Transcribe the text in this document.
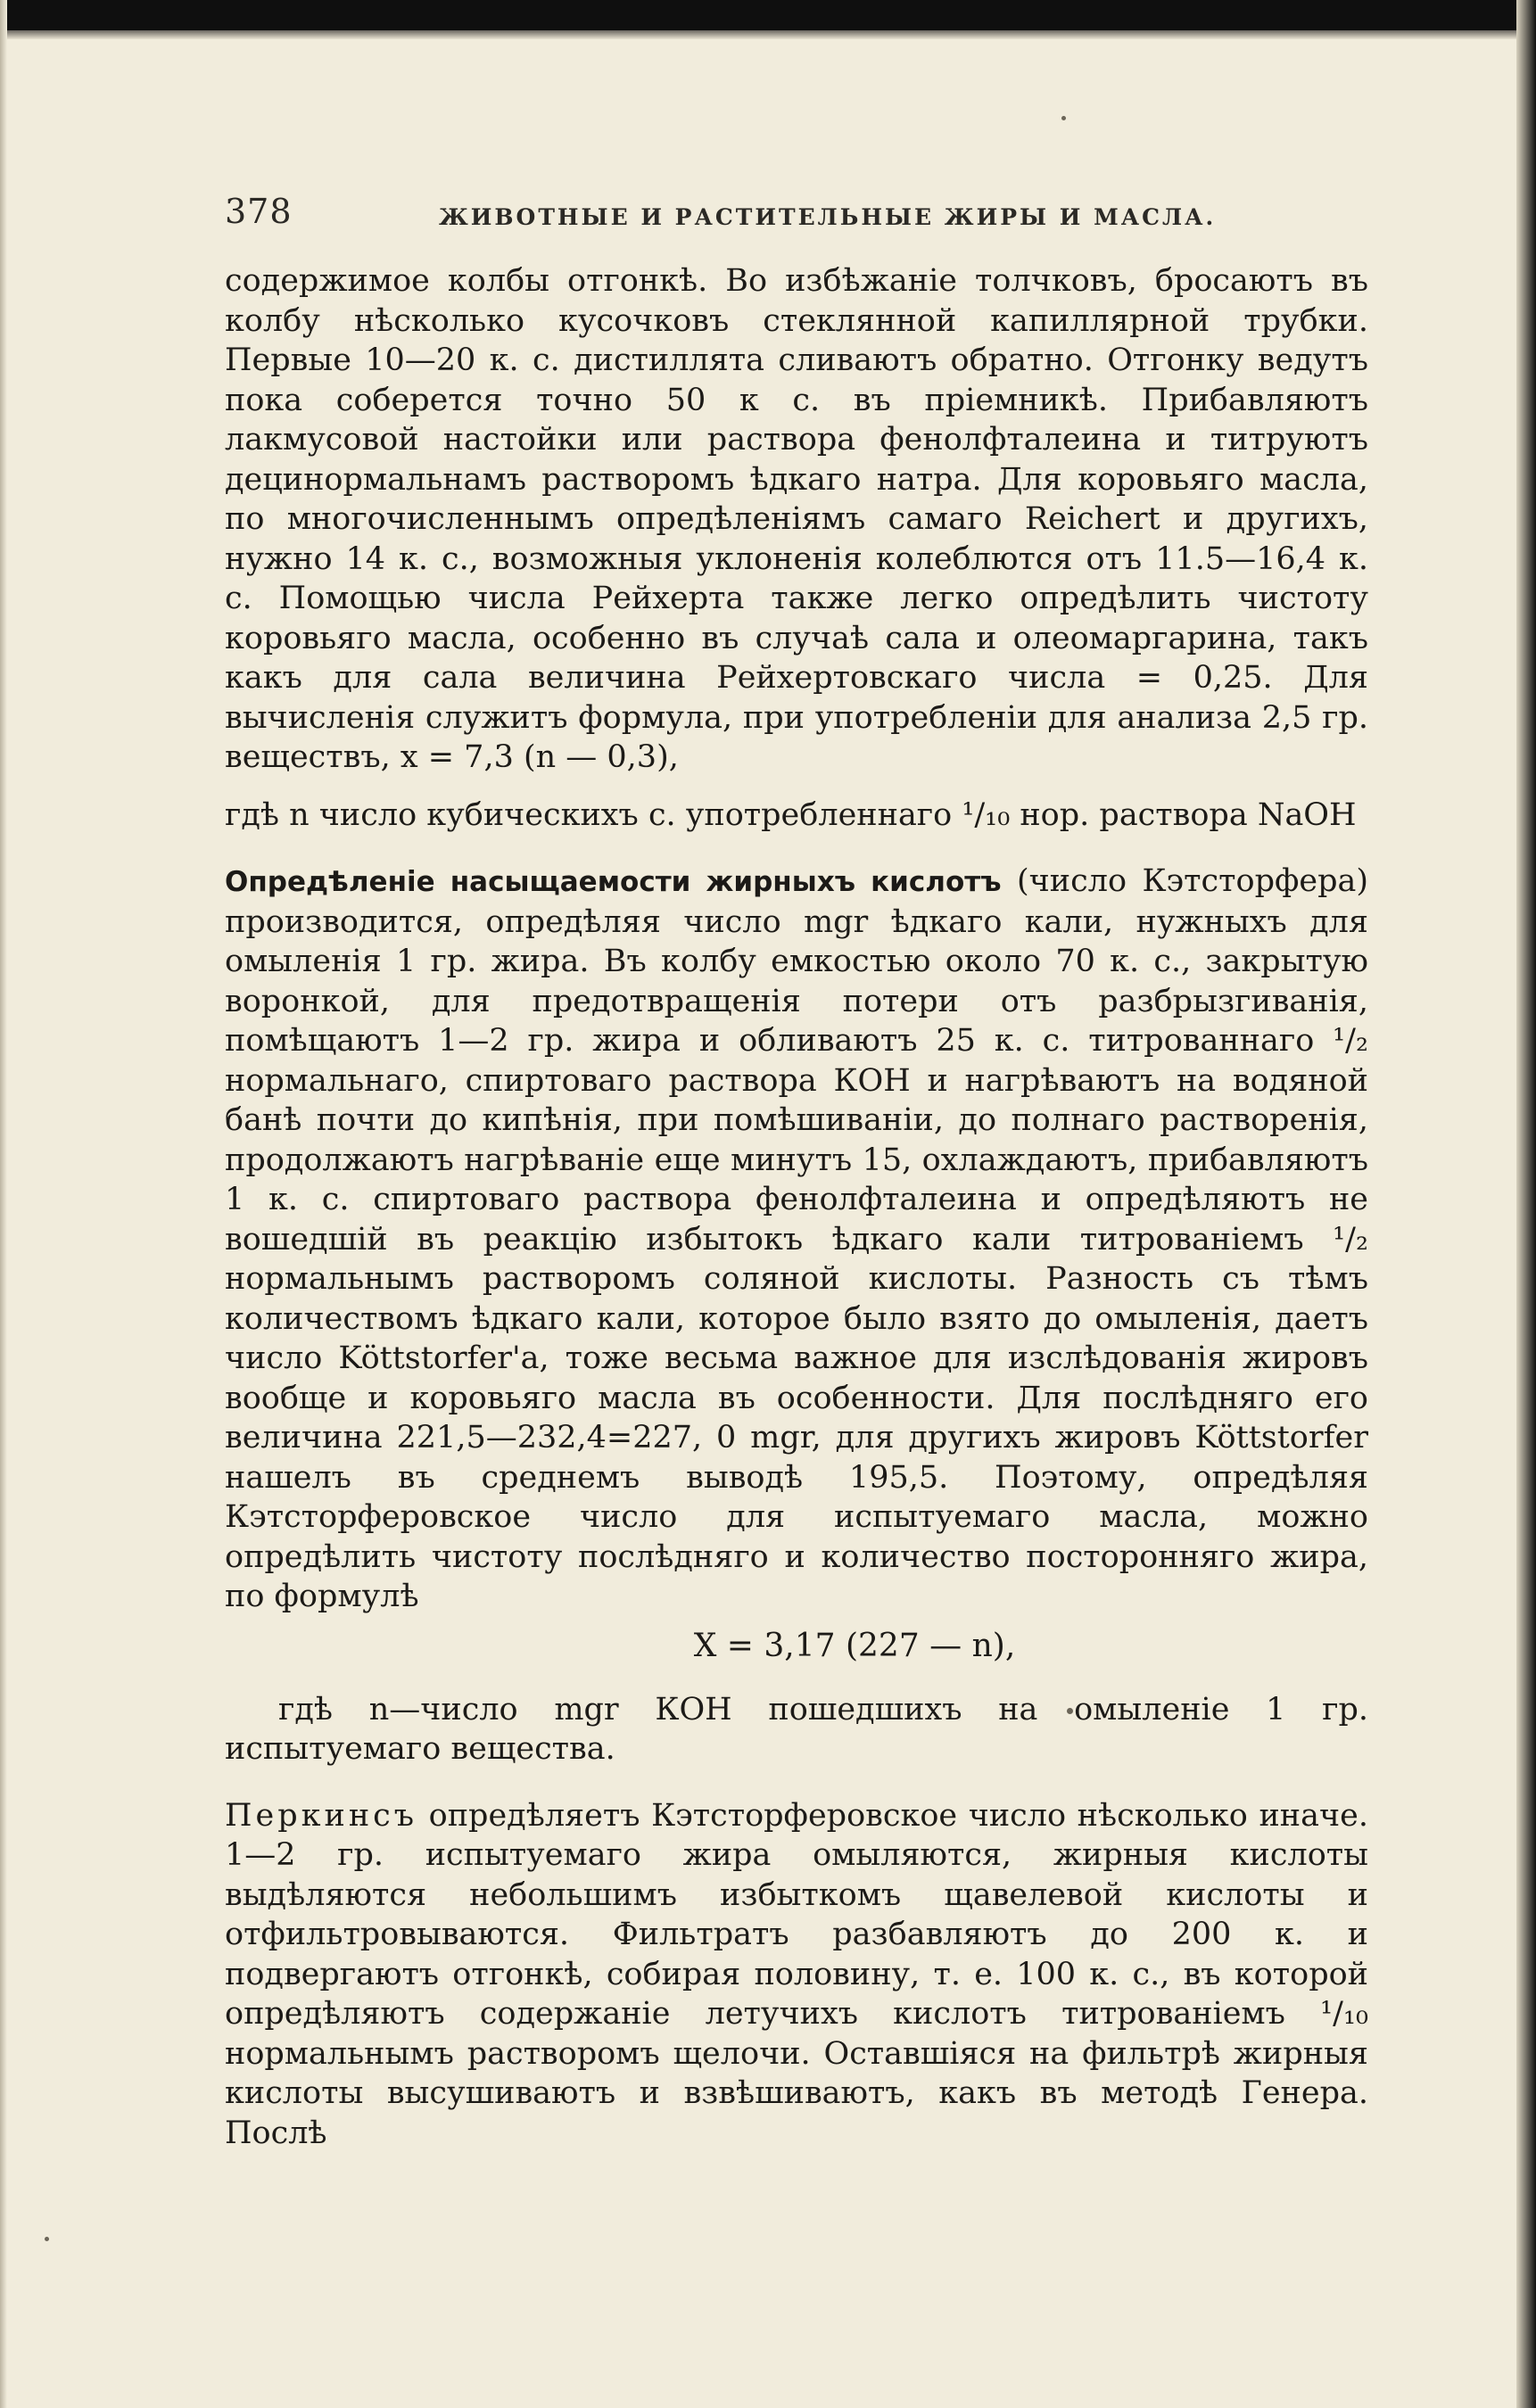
378	ЖИВОТНЫЕ И РАСТИТЕЛЬНЫЕ ЖИРЫ И МАСЛА.

содержимое колбы отгонкѣ. Во избѣжаніе толчковъ, бросаютъ въ колбу нѣсколько кусочковъ стеклянной капиллярной трубки. Первые 10—20 к. с. дистиллята сливаютъ обратно. Отгонку ведутъ пока соберется точно 50 к с. въ пріемникѣ. Прибавляютъ лакмусовой настойки или раствора фенолфталеина и титруютъ децинормальнамъ растворомъ ѣдкаго натра. Для коровьяго масла, по многочисленнымъ опредѣленіямъ самаго Reichert и другихъ, нужно 14 к. с., возможныя уклоненія колеблются отъ 11.5—16,4 к. с. Помощью числа Рейхерта также легко опредѣлить чистоту коровьяго масла, особенно въ случаѣ сала и олеомаргарина, такъ какъ для сала величина Рейхертовскаго числа = 0,25. Для вычисленія служитъ формула, при употребленіи для анализа 2,5 гр. веществъ, x = 7,3 (n — 0,3),

гдѣ n число кубическихъ с. употребленнаго ¹/₁₀ нор. раствора NaOH

Опредѣленіе насыщаемости жирныхъ кислотъ (число Кэтсторфера) производится, опредѣляя число mgr ѣдкаго кали, нужныхъ для омыленія 1 гр. жира. Въ колбу емкостью около 70 к. с., закрытую воронкой, для предотвращенія потери отъ разбрызгиванія, помѣщаютъ 1—2 гр. жира и обливаютъ 25 к. с. титрованнаго ¹/₂ нормальнаго, спиртоваго раствора КОН и нагрѣваютъ на водяной банѣ почти до кипѣнія, при помѣшиваніи, до полнаго растворенія, продолжаютъ нагрѣваніе еще минутъ 15, охлаждаютъ, прибавляютъ 1 к. с. спиртоваго раствора фенолфталеина и опредѣляютъ не вошедшій въ реакцію избытокъ ѣдкаго кали титрованіемъ ¹/₂ нормальнымъ растворомъ соляной кислоты. Разность съ тѣмъ количествомъ ѣдкаго кали, которое было взято до омыленія, даетъ число Köttstorfer'а, тоже весьма важное для изслѣдованія жировъ вообще и коровьяго масла въ особенности. Для послѣдняго его величина 221,5—232,4=227, 0 mgr, для другихъ жировъ Köttstorfer нашелъ въ среднемъ выводѣ 195,5. Поэтому, опредѣляя Кэтсторферовское число для испытуемаго масла, можно опредѣлить чистоту послѣдняго и количество посторонняго жира, по формулѣ

X = 3,17 (227 — n),

гдѣ n—число mgr КОН пошедшихъ на омыленіе 1 гр. испытуемаго вещества.

Перкинсъ опредѣляетъ Кэтсторферовское число нѣсколько иначе. 1—2 гр. испытуемаго жира омыляются, жирныя кислоты выдѣляются небольшимъ избыткомъ щавелевой кислоты и отфильтровываются. Фильтратъ разбавляютъ до 200 к. и подвергаютъ отгонкѣ, собирая половину, т. е. 100 к. с., въ которой опредѣляютъ содержаніе летучихъ кислотъ титрованіемъ ¹/₁₀ нормальнымъ растворомъ щелочи. Оставшіяся на фильтрѣ жирныя кислоты высушиваютъ и взвѣшиваютъ, какъ въ методѣ Генера. Послѣ
